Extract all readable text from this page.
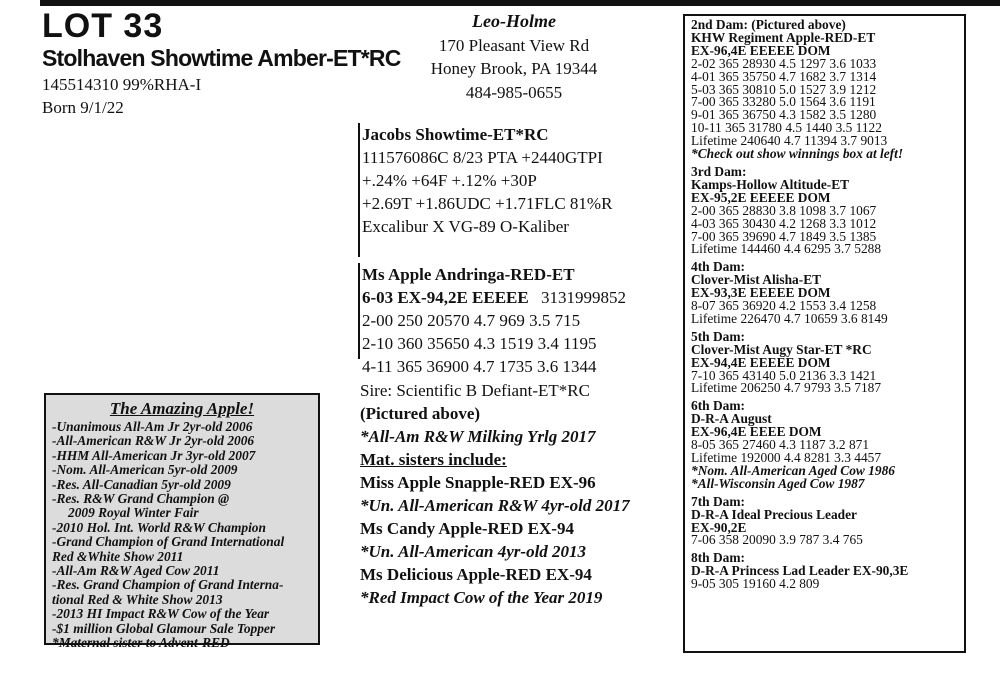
LOT 33
Stolhaven Showtime Amber-ET*RC
145514310 99%RHA-I
Born 9/1/22
Leo-Holme
170 Pleasant View Rd
Honey Brook, PA 19344
484-985-0655
Jacobs Showtime-ET*RC
111576086C 8/23 PTA +2440GTPI
+.24% +64F +.12% +30P
+2.69T +1.86UDC +1.71FLC 81%R
Excalibur X VG-89 O-Kaliber
Ms Apple Andringa-RED-ET
6-03 EX-94,2E EEEEE 3131999852
2-00 250 20570 4.7 969 3.5 715
2-10 360 35650 4.3 1519 3.4 1195
4-11 365 36900 4.7 1735 3.6 1344
Sire: Scientific B Defiant-ET*RC
(Pictured above)
*All-Am R&W Milking Yrlg 2017
Mat. sisters include:
Miss Apple Snapple-RED EX-96
*Un. All-American R&W 4yr-old 2017
Ms Candy Apple-RED EX-94
*Un. All-American 4yr-old 2013
Ms Delicious Apple-RED EX-94
*Red Impact Cow of the Year 2019
The Amazing Apple!
-Unanimous All-Am Jr 2yr-old 2006
-All-American R&W Jr 2yr-old 2006
-HHM All-American Jr 3yr-old 2007
-Nom. All-American 5yr-old 2009
-Res. All-Canadian 5yr-old 2009
-Res. R&W Grand Champion @
2009 Royal Winter Fair
-2010 Hol. Int. World R&W Champion
-Grand Champion of Grand International
Red &White Show 2011
-All-Am R&W Aged Cow 2011
-Res. Grand Champion of Grand Interna-
tional Red & White Show 2013
-2013 HI Impact R&W Cow of the Year
-$1 million Global Glamour Sale Topper
*Maternal sister to Advent-RED
2nd Dam: (Pictured above)
KHW Regiment Apple-RED-ET
EX-96,4E EEEEE DOM
2-02 365 28930 4.5 1297 3.6 1033
4-01 365 35750 4.7 1682 3.7 1314
5-03 365 30810 5.0 1527 3.9 1212
7-00 365 33280 5.0 1564 3.6 1191
9-01 365 36750 4.3 1582 3.5 1280
10-11 365 31780 4.5 1440 3.5 1122
Lifetime 240640 4.7 11394 3.7 9013
*Check out show winnings box at left!
3rd Dam:
Kamps-Hollow Altitude-ET
EX-95,2E EEEEE DOM
2-00 365 28830 3.8 1098 3.7 1067
4-03 365 30430 4.2 1268 3.3 1012
7-00 365 39690 4.7 1849 3.5 1385
Lifetime 144460 4.4 6295 3.7 5288
4th Dam:
Clover-Mist Alisha-ET
EX-93,3E EEEEE DOM
8-07 365 36920 4.2 1553 3.4 1258
Lifetime 226470 4.7 10659 3.6 8149
5th Dam:
Clover-Mist Augy Star-ET *RC
EX-94,4E EEEEE DOM
7-10 365 43140 5.0 2136 3.3 1421
Lifetime 206250 4.7 9793 3.5 7187
6th Dam:
D-R-A August
EX-96,4E EEEE DOM
8-05 365 27460 4.3 1187 3.2 871
Lifetime 192000 4.4 8281 3.3 4457
*Nom. All-American Aged Cow 1986
*All-Wisconsin Aged Cow 1987
7th Dam:
D-R-A Ideal Precious Leader
EX-90,2E
7-06 358 20090 3.9 787 3.4 765
8th Dam:
D-R-A Princess Lad Leader EX-90,3E
9-05 305 19160 4.2 809
